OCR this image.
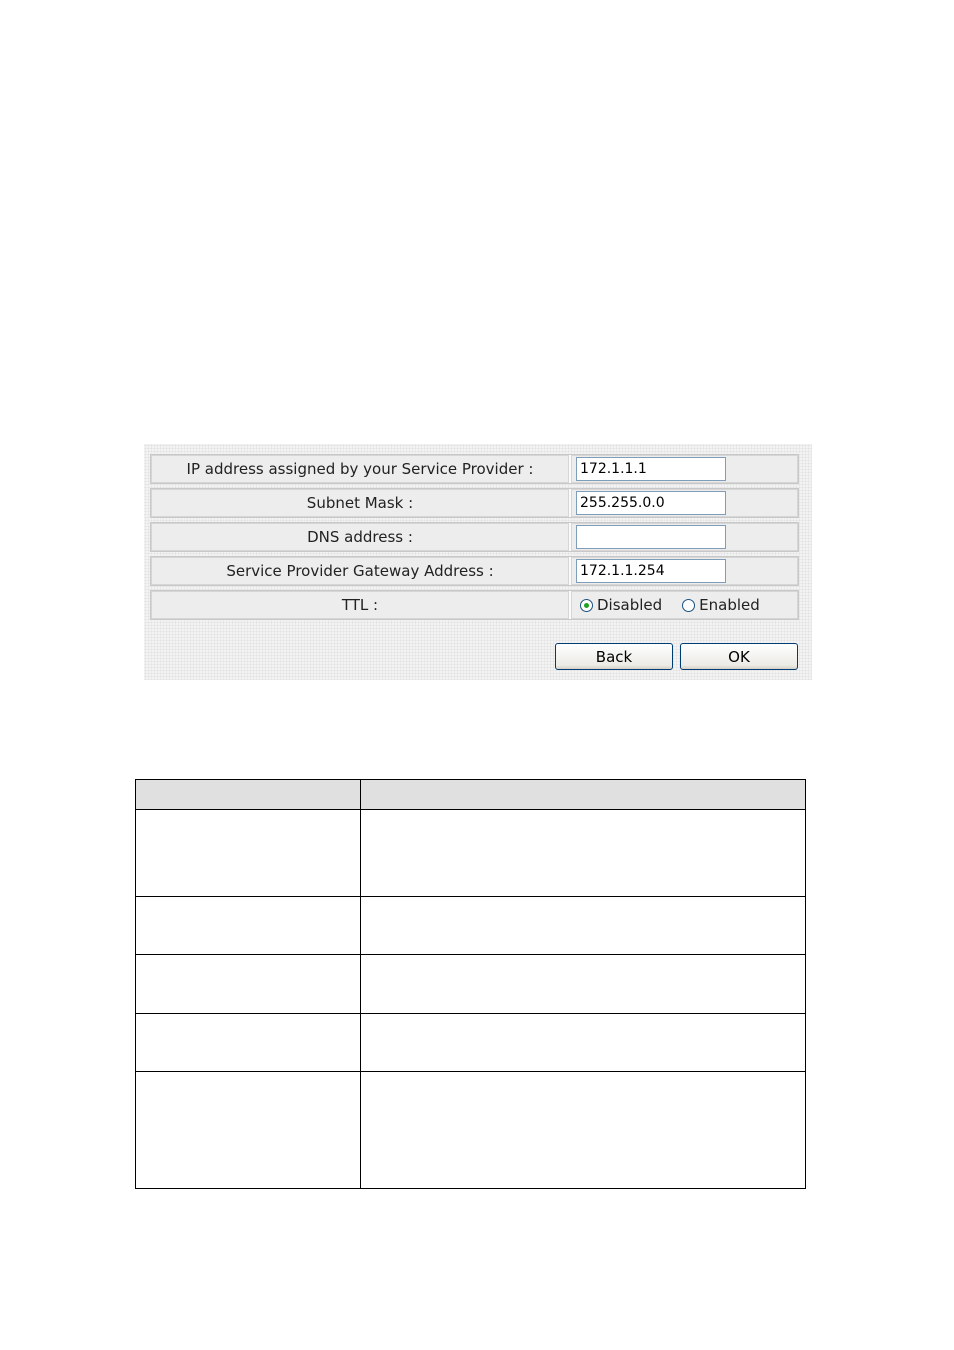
IP address assigned by your Service Provider :
172.1.1.1
Subnet Mask :
255.255.0.0
DNS address :
Service Provider Gateway Address :
172.1.1.254
TTL :	Disabled Enabled
Back	OK
